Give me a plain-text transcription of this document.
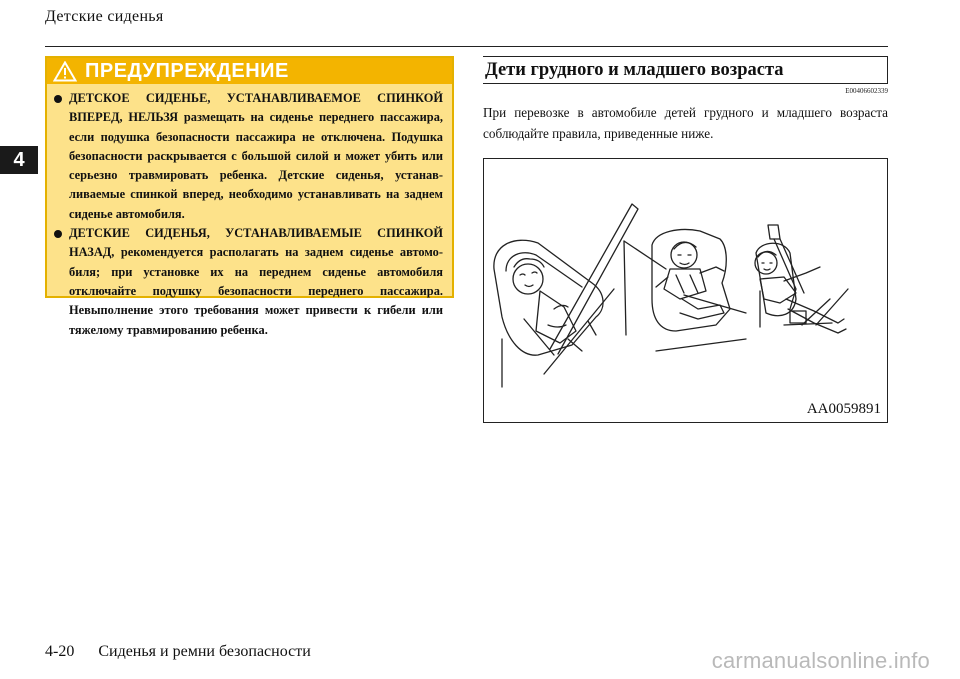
Детские сиденья
4
ПРЕДУПРЕЖДЕНИЕ
ДЕТСКОЕ СИДЕНЬЕ, УСТАНАВЛИВАЕМОЕ СПИНКОЙ ВПЕРЕД, НЕЛЬЗЯ размещать на сиденье переднего пассажира, если подушка безопасности пассажира не отключена. Подушка безопасности раскрывается с большой силой и может убить или серьезно травмировать ребенка. Детские сиденья, устанав-ливаемые спинкой вперед, необходимо устанавливать на заднем сиденье автомобиля.
ДЕТСКИЕ СИДЕНЬЯ, УСТАНАВЛИВАЕМЫЕ СПИНКОЙ НАЗАД, рекомендуется располагать на заднем сиденье автомо-биля; при установке их на переднем сиденье автомобиля отключайте подушку безопасности переднего пассажира. Невыполнение этого требования может привести к гибели или тяжелому травмированию ребенка.
Дети грудного и младшего возраста
E00406602339
При перевозке в автомобиле детей грудного и младшего возраста соблюдайте правила, приведенные ниже.
AA0059891
4-20 Сиденья и ремни безопасности	carmanualsonline.info
